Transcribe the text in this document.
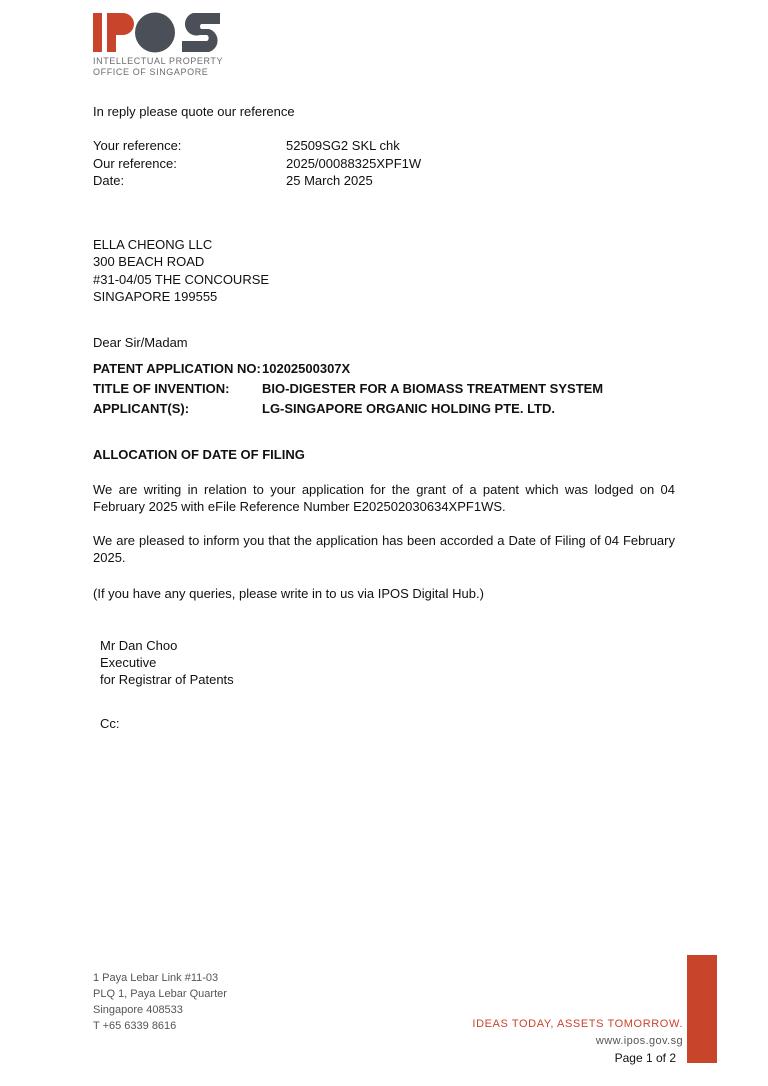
INTELLECTUAL PROPERTY
OFFICE OF SINGAPORE
In reply please quote our reference
Your reference:	52509SG2 SKL chk
Our reference:	2025/00088325XPF1W
Date:	25 March 2025
ELLA CHEONG LLC
300 BEACH ROAD
#31-04/05 THE CONCOURSE
SINGAPORE 199555
Dear Sir/Madam
PATENT APPLICATION NO: 10202500307X
TITLE OF INVENTION:	BIO-DIGESTER FOR A BIOMASS TREATMENT SYSTEM
APPLICANT(S):	LG-SINGAPORE ORGANIC HOLDING PTE. LTD.
ALLOCATION OF DATE OF FILING
We are writing in relation to your application for the grant of a patent which was lodged on 04 February 2025 with eFile Reference Number E202502030634XPF1WS.
We are pleased to inform you that the application has been accorded a Date of Filing of 04 February 2025.
(If you have any queries, please write in to us via IPOS Digital Hub.)
Mr Dan Choo
Executive
for Registrar of Patents
Cc:
1 Paya Lebar Link #11-03
PLQ 1, Paya Lebar Quarter
Singapore 408533
T +65 6339 8616	IDEAS TODAY, ASSETS TOMORROW.
www.ipos.gov.sg
Page 1 of 2
